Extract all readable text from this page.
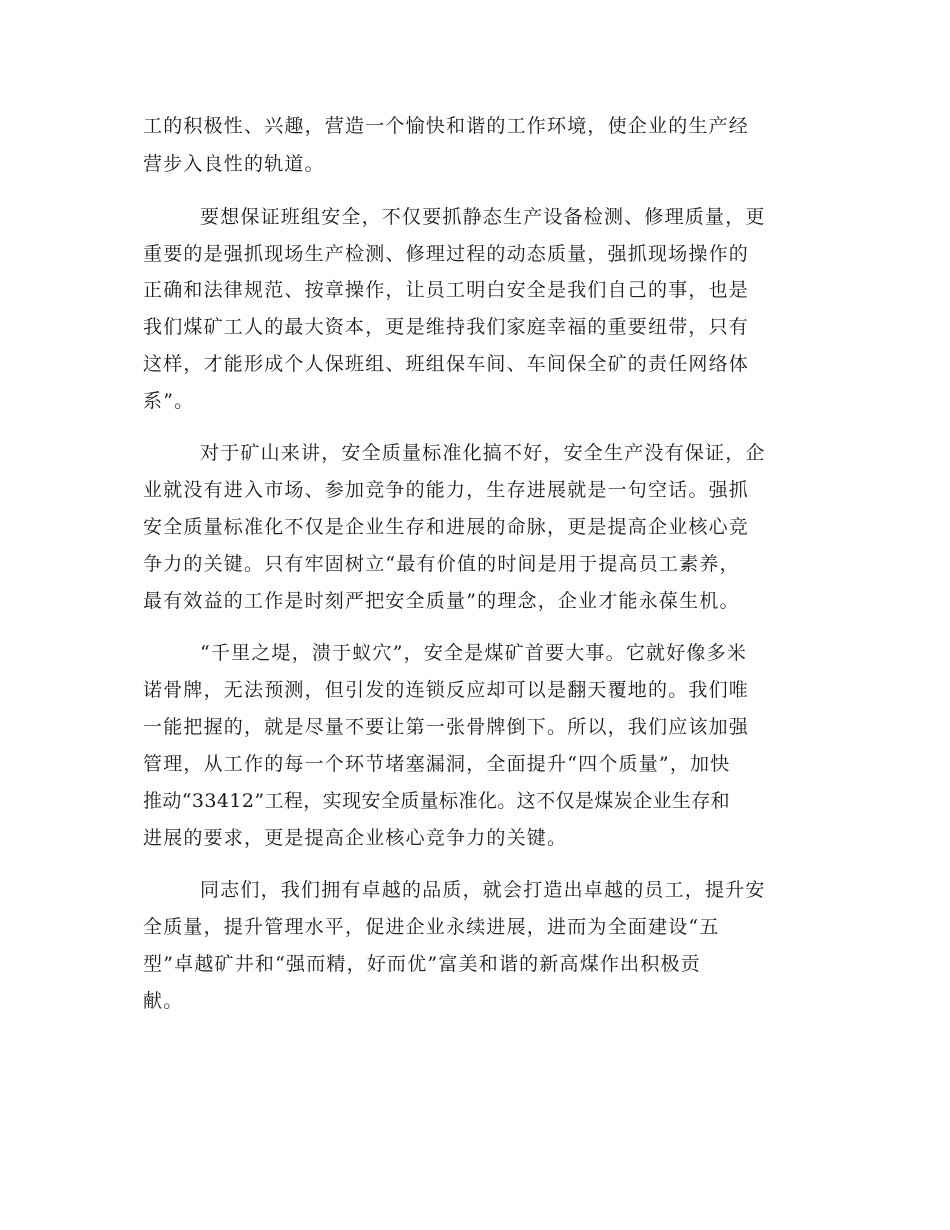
工的积极性、兴趣，营造一个愉快和谐的工作环境，使企业的生产经

营步入良性的轨道。

要想保证班组安全，不仅要抓静态生产设备检测、修理质量，更

重要的是强抓现场生产检测、修理过程的动态质量，强抓现场操作的

正确和法律规范、按章操作，让员工明白安全是我们自己的事，也是

我们煤矿工人的最大资本，更是维持我们家庭幸福的重要纽带，只有

这样，才能形成个人保班组、班组保车间、车间保全矿的责任网络体

系”。

对于矿山来讲，安全质量标准化搞不好，安全生产没有保证，企

业就没有进入市场、参加竞争的能力，生存进展就是一句空话。强抓

安全质量标准化不仅是企业生存和进展的命脉，更是提高企业核心竞

争力的关键。只有牢固树立“最有价值的时间是用于提高员工素养，

最有效益的工作是时刻严把安全质量”的理念，企业才能永葆生机。

“千里之堤，溃于蚁穴”，安全是煤矿首要大事。它就好像多米

诺骨牌，无法预测，但引发的连锁反应却可以是翻天覆地的。我们唯

一能把握的，就是尽量不要让第一张骨牌倒下。所以，我们应该加强

管理，从工作的每一个环节堵塞漏洞，全面提升“四个质量”，加快

推动“33412”工程，实现安全质量标准化。这不仅是煤炭企业生存和

进展的要求，更是提高企业核心竞争力的关键。

同志们，我们拥有卓越的品质，就会打造出卓越的员工，提升安

全质量，提升管理水平，促进企业永续进展，进而为全面建设“五

型”卓越矿井和“强而精，好而优”富美和谐的新高煤作出积极贡

献。
